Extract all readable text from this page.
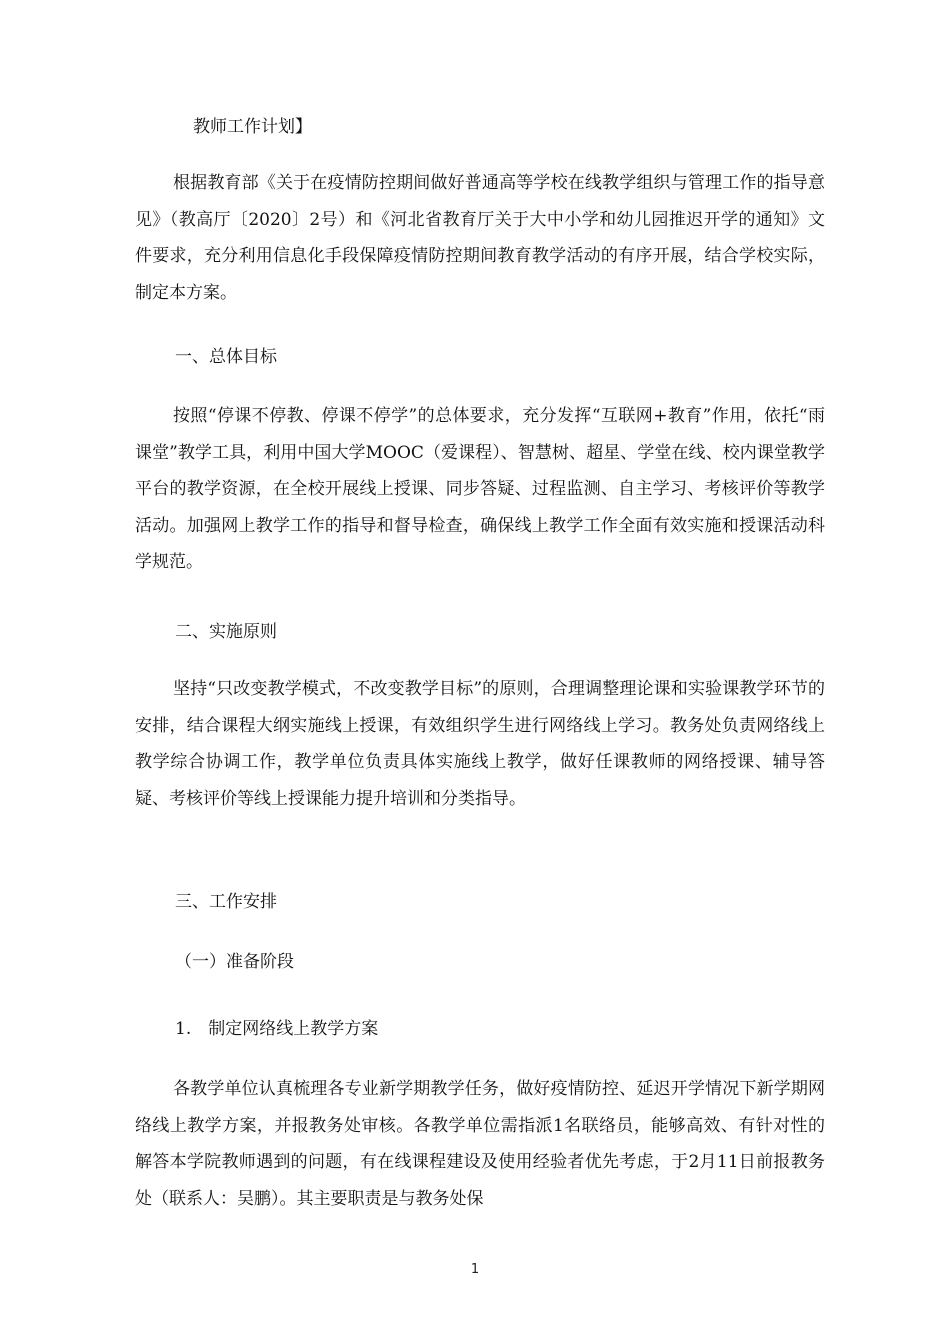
教师工作计划】

根据教育部《关于在疫情防控期间做好普通高等学校在线教学组织与管理工作的指导意见》（教高厅〔2020〕2号）和《河北省教育厅关于大中小学和幼儿园推迟开学的通知》文件要求，充分利用信息化手段保障疫情防控期间教育教学活动的有序开展，结合学校实际，制定本方案。

一、总体目标

按照“停课不停教、停课不停学”的总体要求，充分发挥“互联网+教育”作用，依托“雨课堂”教学工具，利用中国大学MOOC（爱课程）、智慧树、超星、学堂在线、校内课堂教学平台的教学资源，在全校开展线上授课、同步答疑、过程监测、自主学习、考核评价等教学活动。加强网上教学工作的指导和督导检查，确保线上教学工作全面有效实施和授课活动科学规范。

二、实施原则

坚持“只改变教学模式，不改变教学目标”的原则，合理调整理论课和实验课教学环节的安排，结合课程大纲实施线上授课，有效组织学生进行网络线上学习。教务处负责网络线上教学综合协调工作，教学单位负责具体实施线上教学，做好任课教师的网络授课、辅导答疑、考核评价等线上授课能力提升培训和分类指导。

三、工作安排

（一）准备阶段

1.　制定网络线上教学方案

各教学单位认真梳理各专业新学期教学任务，做好疫情防控、延迟开学情况下新学期网络线上教学方案，并报教务处审核。各教学单位需指派1名联络员，能够高效、有针对性的解答本学院教师遇到的问题，有在线课程建设及使用经验者优先考虑，于2月11日前报教务处（联系人：吴鹏）。其主要职责是与教务处保

1
